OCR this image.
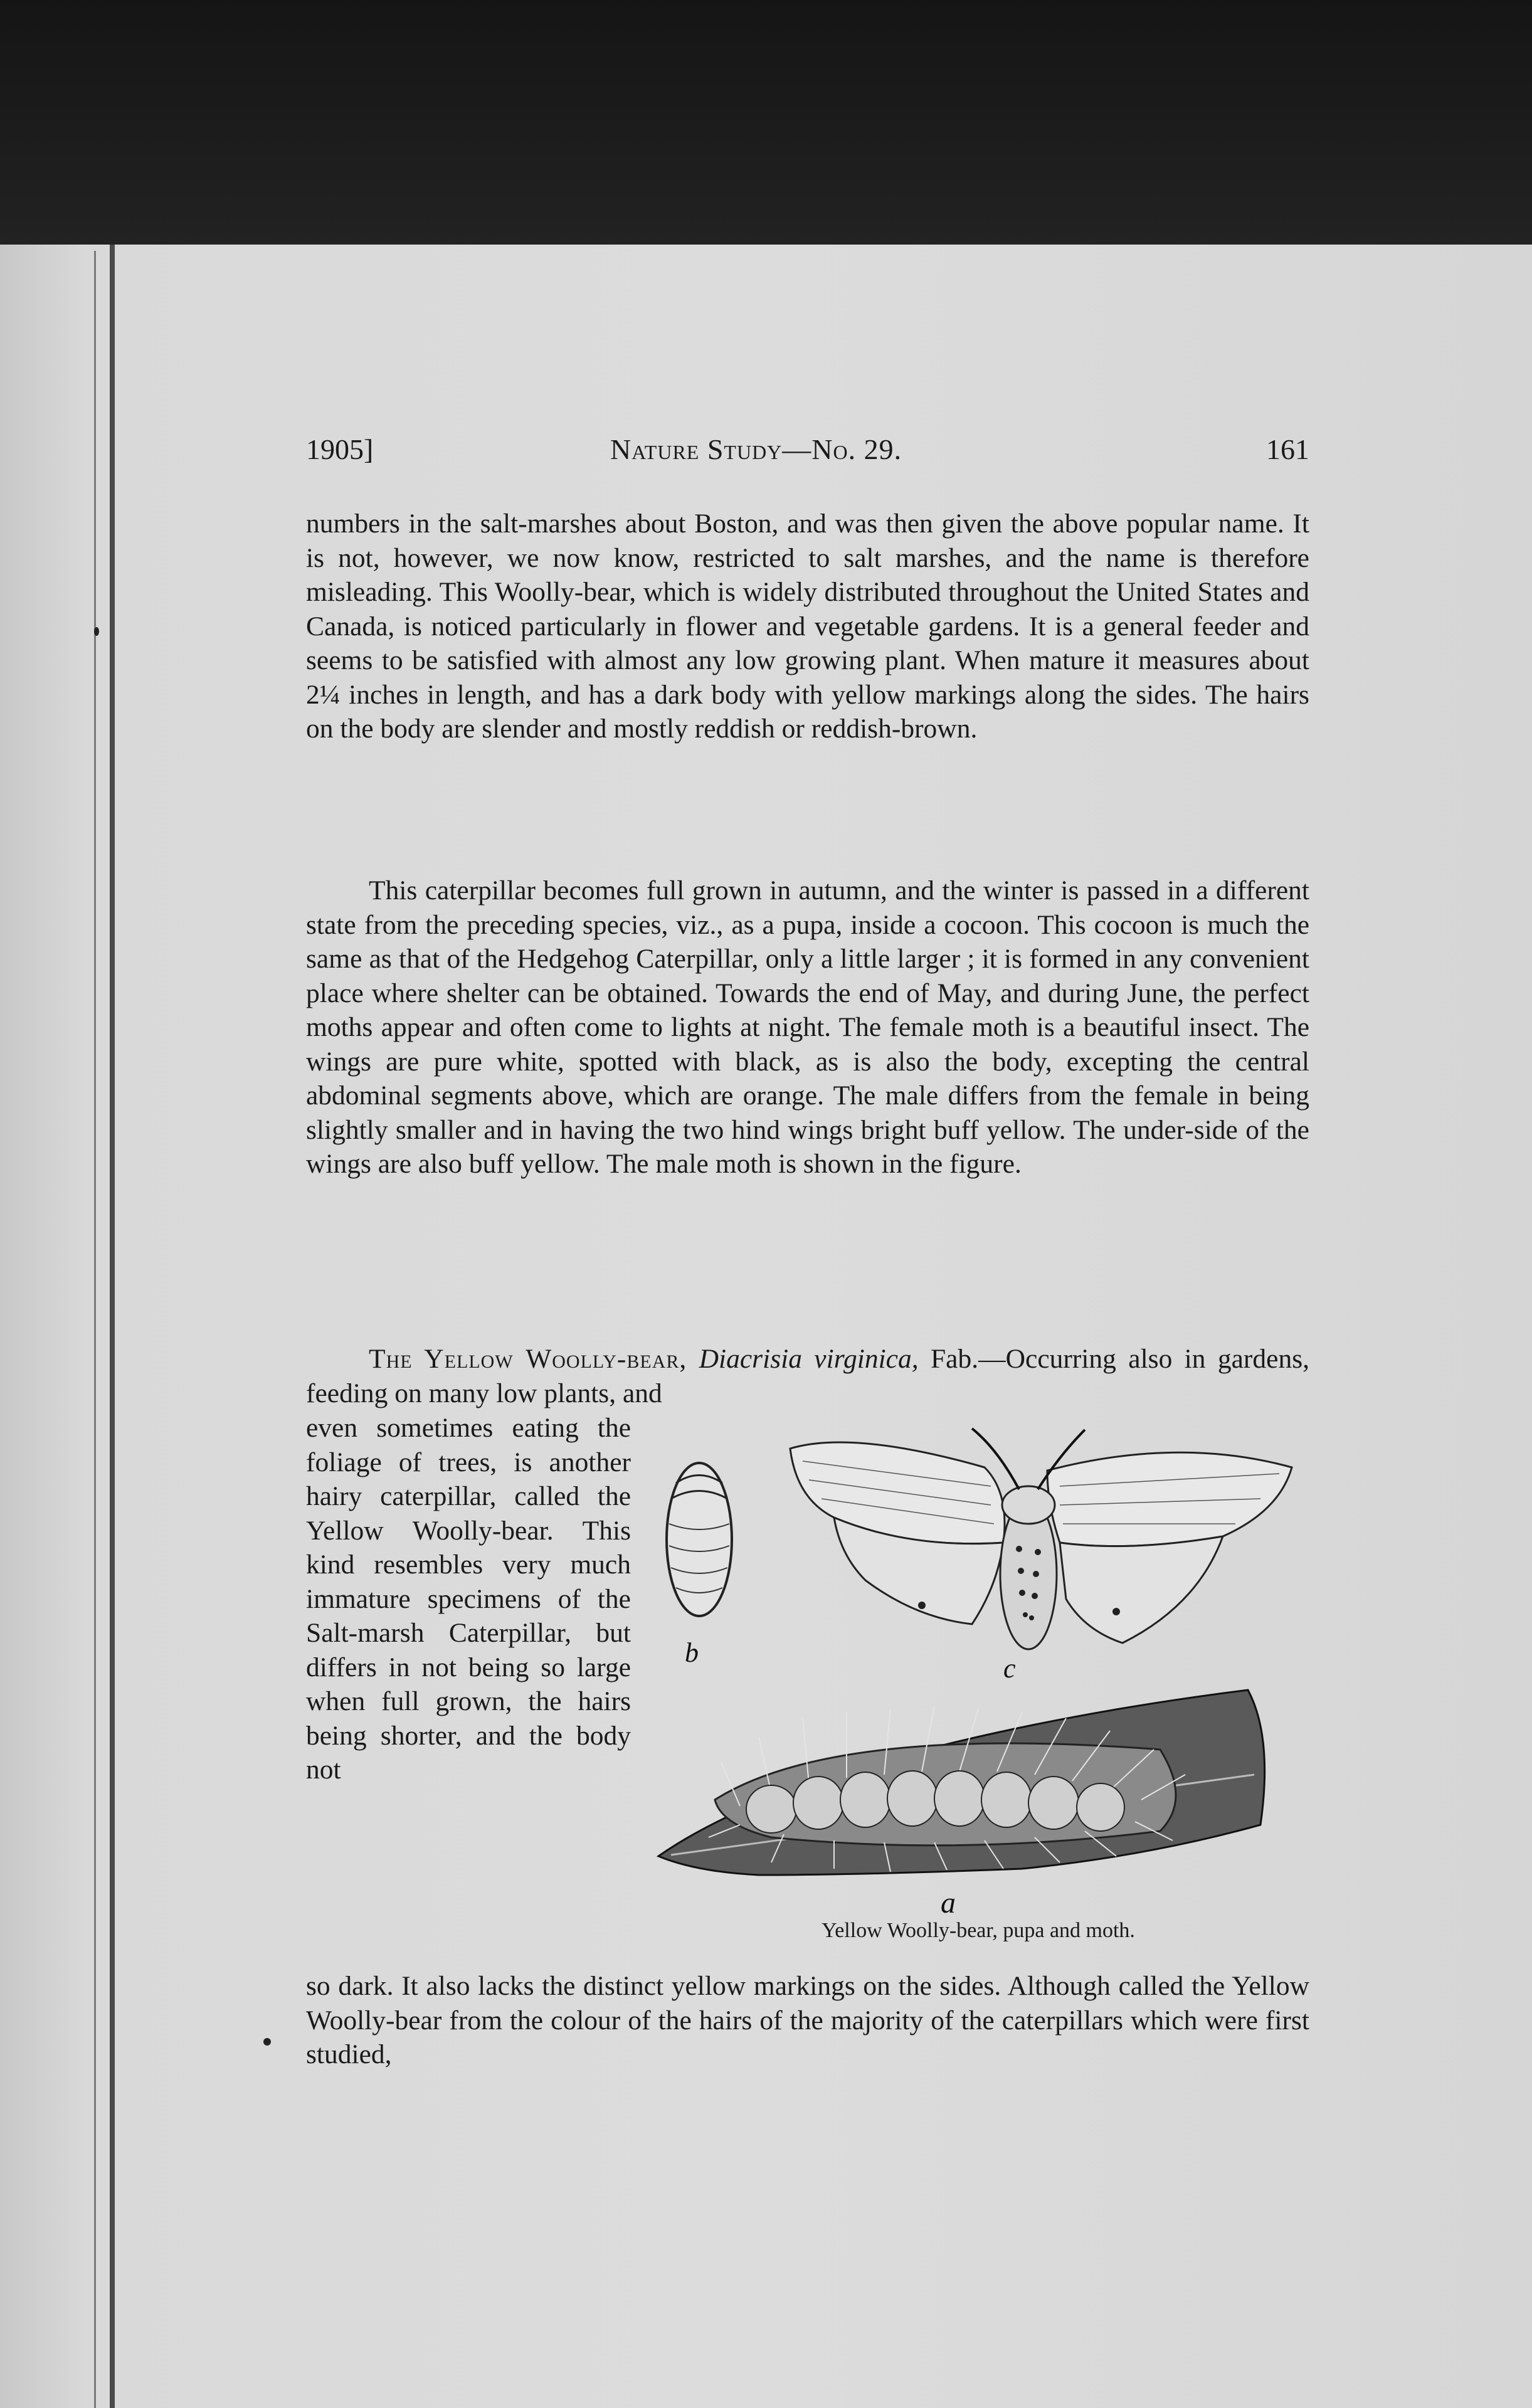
1905]	Nature Study—No. 29.	161

numbers in the salt-marshes about Boston, and was then given the above popular name. It is not, however, we now know, restricted to salt marshes, and the name is therefore misleading. This Woolly-bear, which is widely distributed throughout the United States and Canada, is noticed particularly in flower and vegetable gardens. It is a general feeder and seems to be satisfied with almost any low growing plant. When mature it measures about 2¼ inches in length, and has a dark body with yellow markings along the sides. The hairs on the body are slender and mostly reddish or reddish-brown.

This caterpillar becomes full grown in autumn, and the winter is passed in a different state from the preceding species, viz., as a pupa, inside a cocoon. This cocoon is much the same as that of the Hedgehog Caterpillar, only a little larger ; it is formed in any convenient place where shelter can be obtained. Towards the end of May, and during June, the perfect moths appear and often come to lights at night. The female moth is a beautiful insect. The wings are pure white, spotted with black, as is also the body, excepting the central abdominal segments above, which are orange. The male differs from the female in being slightly smaller and in having the two hind wings bright buff yellow. The under-side of the wings are also buff yellow. The male moth is shown in the figure.

The Yellow Woolly-bear, Diacrisia virginica, Fab.—Occurring also in gardens, feeding on many low plants, and

even sometimes eating the foliage of trees, is another hairy caterpillar, called the Yellow Woolly-bear. This kind resembles very much immature specimens of the Salt-marsh Caterpillar, but differs in not being so large when full grown, the hairs being shorter, and the body not

b
c
a
Yellow Woolly-bear, pupa and moth.

so dark. It also lacks the distinct yellow markings on the sides. Although called the Yellow Woolly-bear from the colour of the hairs of the majority of the caterpillars which were first studied,
